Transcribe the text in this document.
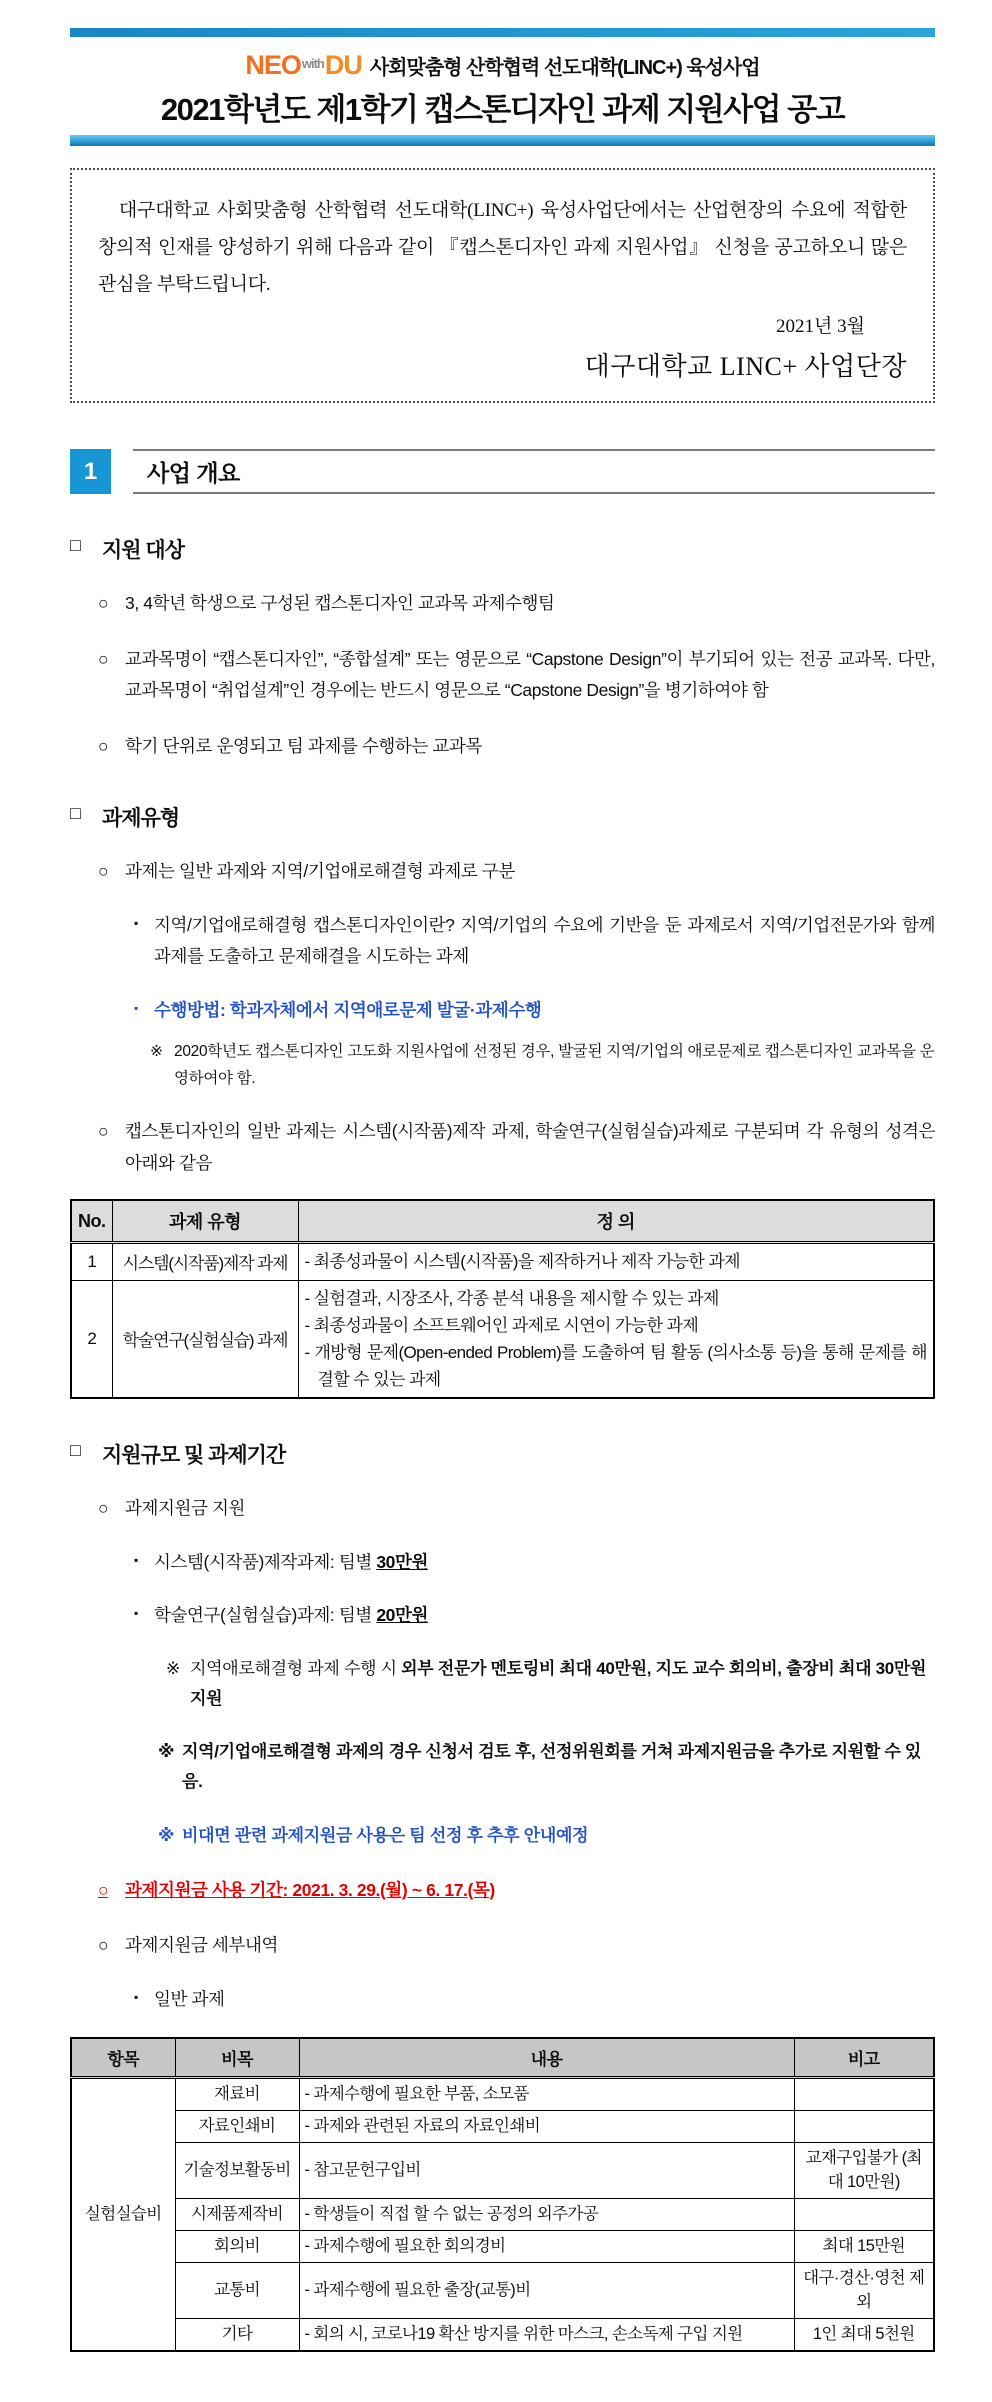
$NEO^{with}DU$ 사회맞춤형 산학협력 선도대학(LINC+) 육성사업
2021학년도 제1학기 캡스톤디자인 과제 지원사업 공고
대구대학교 사회맞춤형 산학협력 선도대학(LINC+) 육성사업단에서는 산업현장의 수요에 적합한 창의적 인재를 양성하기 위해 다음과 같이 『캡스톤디자인 과제 지원사업』 신청을 공고하오니 많은 관심을 부탁드립니다.
2021년 3월
대구대학교 LINC+ 사업단장
1	사업 개요
□	지원 대상
○ 3, 4학년 학생으로 구성된 캡스톤디자인 교과목 과제수행팀
○ 교과목명이 “캡스톤디자인”, “종합설계” 또는 영문으로 “Capstone Design”이 부기되어 있는 전공 교과목. 다만, 교과목명이 “취업설계”인 경우에는 반드시 영문으로 “Capstone Design”을 병기하여야 함
○ 학기 단위로 운영되고 팀 과제를 수행하는 교과목
□	과제유형
○ 과제는 일반 과제와 지역/기업애로해결형 과제로 구분
▪ 지역/기업애로해결형 캡스톤디자인이란? 지역/기업의 수요에 기반을 둔 과제로서 지역/기업전문가와 함께 과제를 도출하고 문제해결을 시도하는 과제
▪ 수행방법: 학과자체에서 지역애로문제 발굴·과제수행
※ 2020학년도 캡스톤디자인 고도화 지원사업에 선정된 경우, 발굴된 지역/기업의 애로문제로 캡스톤디자인 교과목을 운영하여야 함.
○ 캡스톤디자인의 일반 과제는 시스템(시작품)제작 과제, 학술연구(실험실습)과제로 구분되며 각 유형의 성격은 아래와 같음
No.	과제 유형	정 의
1	시스템(시작품)제작 과제	- 최종성과물이 시스템(시작품)을 제작하거나 제작 가능한 과제

2	학술연구(실험실습) 과제	- 실험결과, 시장조사, 각종 분석 내용을 제시할 수 있는 과제
- 최종성과물이 소프트웨어인 과제로 시연이 가능한 과제
- 개방형 문제(Open-ended Problem)를 도출하여 팀 활동 (의사소통 등)을 통해 문제를 해결할 수 있는 과제
□	지원규모 및 과제기간
○ 과제지원금 지원
▪ 시스템(시작품)제작과제: 팀별 30만원
▪ 학술연구(실험실습)과제: 팀별 20만원
※ 지역애로해결형 과제 수행 시 외부 전문가 멘토링비 최대 40만원, 지도 교수 회의비, 출장비 최대 30만원 지원
※ 지역/기업애로해결형 과제의 경우 신청서 검토 후, 선정위원회를 거쳐 과제지원금을 추가로 지원할 수 있음.
※ 비대면 관련 과제지원금 사용은 팀 선정 후 추후 안내예정
○ 과제지원금 사용 기간: 2021. 3. 29.(월) ~ 6. 17.(목)
○ 과제지원금 세부내역
▪ 일반 과제
항목	비목	내용	비고
실험실습비	재료비	- 과제수행에 필요한 부품, 소모품	
	자료인쇄비	- 과제와 관련된 자료의 자료인쇄비	
	기술정보활동비	- 참고문헌구입비	교재구입불가 (최대 10만원)
	시제품제작비	- 학생들이 직접 할 수 없는 공정의 외주가공	
	회의비	- 과제수행에 필요한 회의경비	최대 15만원
	교통비	- 과제수행에 필요한 출장(교통)비	대구·경산·영천 제외
	기타	- 회의 시, 코로나19 확산 방지를 위한 마스크, 손소독제 구입 지원	1인 최대 5천원
